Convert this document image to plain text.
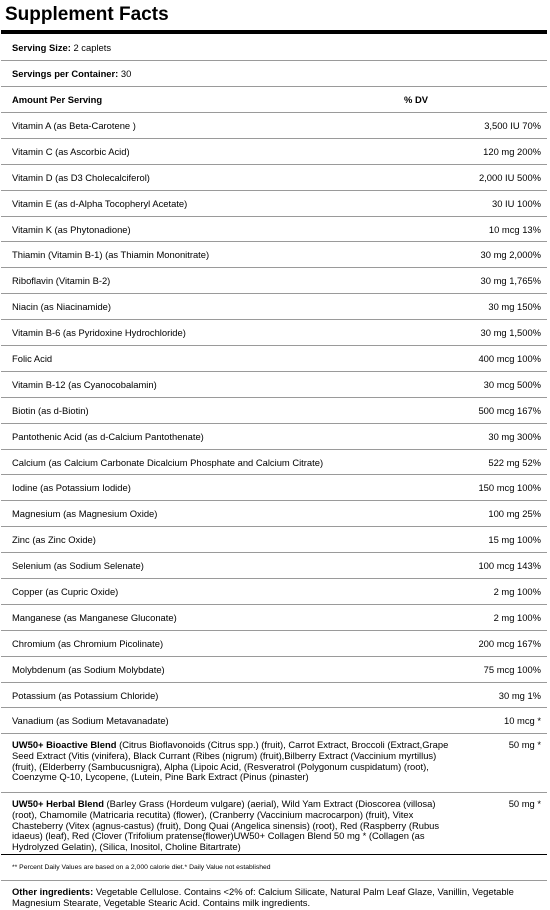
Supplement Facts
Serving Size:
2 caplets
Servings per Container:
30
Amount Per Serving	% DV
Vitamin A (as Beta-Carotene )	3,500 IU 70%
Vitamin C (as Ascorbic Acid)	120 mg 200%
Vitamin D (as D3 Cholecalciferol)	2,000 IU 500%
Vitamin E (as d-Alpha Tocopheryl Acetate)	30 IU 100%
Vitamin K (as Phytonadione)	10 mcg 13%
Thiamin (Vitamin B-1) (as Thiamin Mononitrate)	30 mg 2,000%
Riboflavin (Vitamin B-2)	30 mg 1,765%
Niacin (as Niacinamide)	30 mg 150%
Vitamin B-6 (as Pyridoxine Hydrochloride)	30 mg 1,500%
Folic Acid	400 mcg 100%
Vitamin B-12 (as Cyanocobalamin)	30 mcg 500%
Biotin (as d-Biotin)	500 mcg 167%
Pantothenic Acid (as d-Calcium Pantothenate)	30 mg 300%
Calcium (as Calcium Carbonate Dicalcium Phosphate and Calcium Citrate)	522 mg 52%
Iodine (as Potassium Iodide)	150 mcg 100%
Magnesium (as Magnesium Oxide)	100 mg 25%
Zinc (as Zinc Oxide)	15 mg 100%
Selenium (as Sodium Selenate)	100 mcg 143%
Copper (as Cupric Oxide)	2 mg 100%
Manganese (as Manganese Gluconate)	2 mg 100%
Chromium (as Chromium Picolinate)	200 mcg 167%
Molybdenum (as Sodium Molybdate)	75 mcg 100%
Potassium (as Potassium Chloride)	30 mg 1%
Vanadium (as Sodium Metavanadate)	10 mcg *
UW50+ Bioactive Blend (Citrus Bioflavonoids (Citrus spp.) (fruit), Carrot Extract, Broccoli (Extract,Grape Seed Extract (Vitis (vinifera), Black Currant (Ribes (nigrum) (fruit),Bilberry Extract (Vaccinium myrtillus) (fruit), (Elderberry (Sambucusnigra), Alpha (Lipoic Acid, (Resveratrol (Polygonum cuspidatum) (root), Coenzyme Q-10, Lycopene, (Lutein, Pine Bark Extract (Pinus (pinaster)
50 mg *
UW50+ Herbal Blend (Barley Grass (Hordeum vulgare) (aerial), Wild Yam Extract (Dioscorea (villosa) (root), Chamomile (Matricaria recutita) (flower), (Cranberry (Vaccinium macrocarpon) (fruit), Vitex Chasteberry (Vitex (agnus-castus) (fruit), Dong Quai (Angelica sinensis) (root), Red (Raspberry (Rubus idaeus) (leaf), Red (Clover (Trifolium pratense(flower)UW50+ Collagen Blend 50 mg * (Collagen (as Hydrolyzed Gelatin), (Silica, Inositol, Choline Bitartrate)
50 mg *
** Percent Daily Values are based on a 2,000 calorie diet.* Daily Value not established
Other ingredients: Vegetable Cellulose. Contains <2% of: Calcium Silicate, Natural Palm Leaf Glaze, Vanillin, Vegetable Magnesium Stearate, Vegetable Stearic Acid. Contains milk ingredients.
